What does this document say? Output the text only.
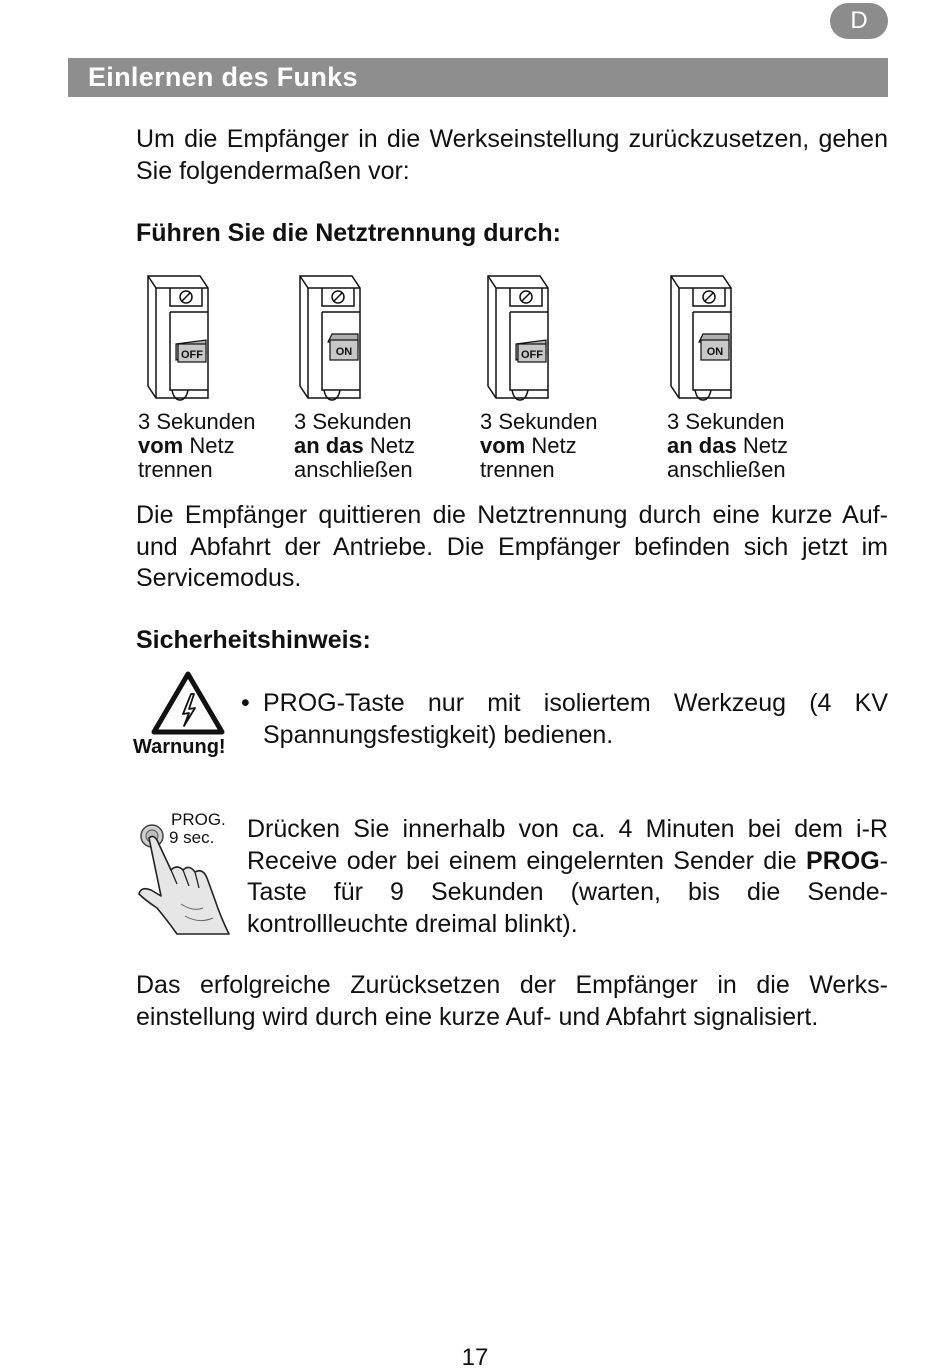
D
Einlernen des Funks

Um die Empfänger in die Werkseinstellung zurückzusetzen, gehen Sie folgendermaßen vor:

Führen Sie die Netztrennung durch:

OFF
3 Sekunden
vom Netz
trennen
ON
3 Sekunden
an das Netz
anschließen
OFF
3 Sekunden
vom Netz
trennen
ON
3 Sekunden
an das Netz
anschließen

Die Empfänger quittieren die Netztrennung durch eine kurze Auf- und Abfahrt der Antriebe. Die Empfänger befinden sich jetzt im Servicemodus.

Sicherheitshinweis:

Warnung!
• PROG-Taste nur mit isoliertem Werkzeug (4 KV Spannungsfestigkeit) bedienen.

PROG.
9 sec. Drücken Sie innerhalb von ca. 4 Minuten bei dem i-R Receive oder bei einem eingelernten Sender die PROG-Taste für 9 Sekunden (warten, bis die Sendekontrollleuchte dreimal blinkt).

Das erfolgreiche Zurücksetzen der Empfänger in die Werkseinstellung wird durch eine kurze Auf- und Abfahrt signalisiert.

17
